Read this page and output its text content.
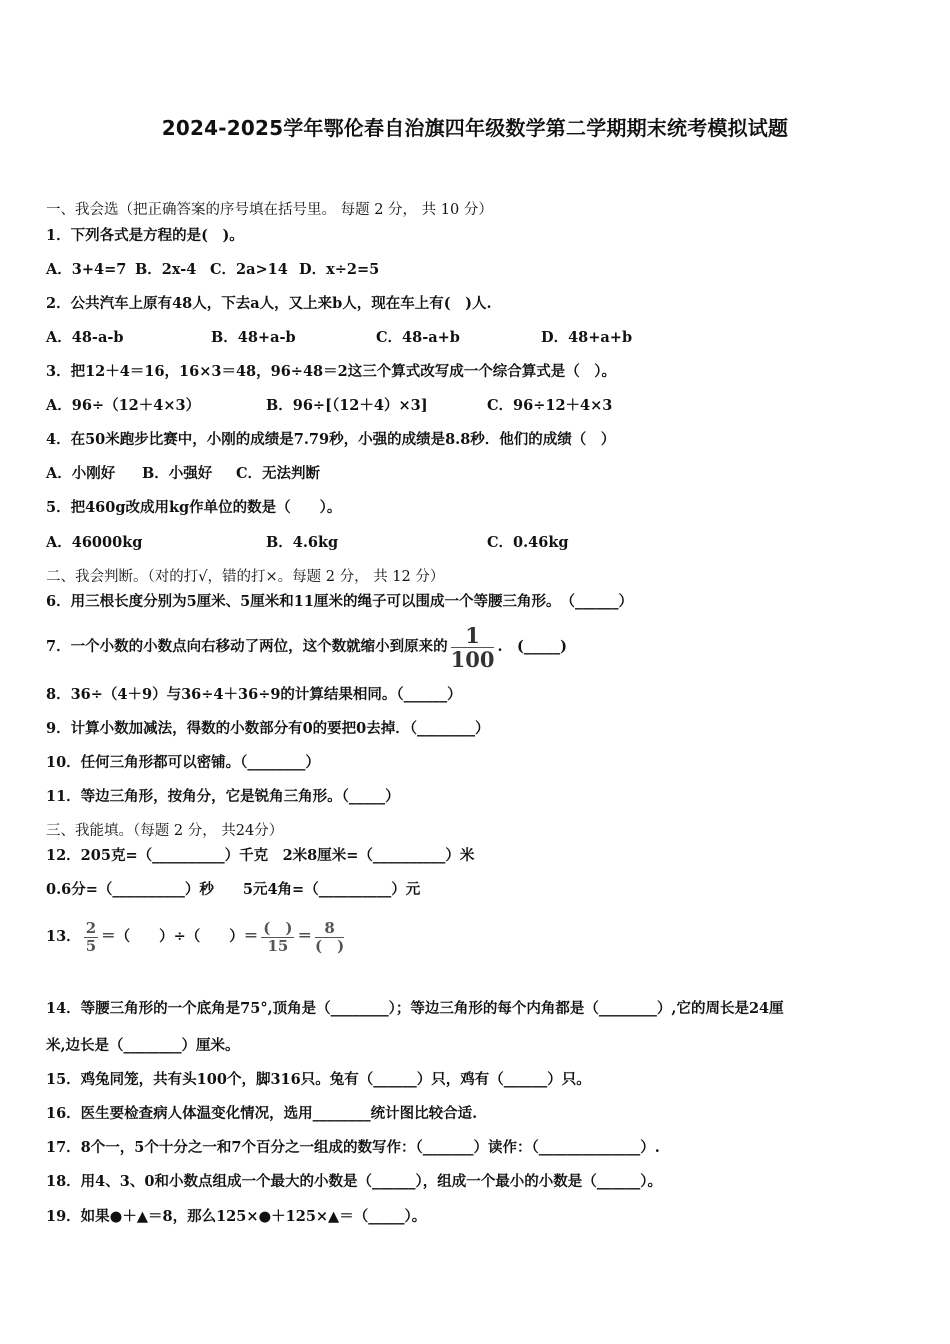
2024-2025学年鄂伦春自治旗四年级数学第二学期期末统考模拟试题
一、我会选（把正确答案的序号填在括号里。 每题 2 分， 共 10 分）
1．下列各式是方程的是(　)。
A．3+4=7 B．2x-4 C．2a>14 D．x÷2=5
2．公共汽车上原有48人，下去a人，又上来b人，现在车上有(　)人.
A．48-a-b	B．48+a-b	C．48-a+b	D．48+a+b
3．把12＋4＝16，16×3＝48，96÷48＝2这三个算式改写成一个综合算式是（　）。
A．96÷（12＋4×3）	B．96÷[（12＋4）×3]	C．96÷12＋4×3
4．在50米跑步比赛中，小刚的成绩是7.79秒，小强的成绩是8.8秒．他们的成绩（　）
A．小刚好 B．小强好 C．无法判断
5．把460g改成用kg作单位的数是（　　）。
A．46000kg	B．4.6kg	C．0.46kg
二、我会判断。（对的打√，错的打×。每题 2 分， 共 12 分）
6．用三根长度分别为5厘米、5厘米和11厘米的绳子可以围成一个等腰三角形。　（______）
7．一个小数的小数点向右移动了两位，这个数就缩小到原来的 $\frac{1}{100}$ .　(_____)
8．36÷（4＋9）与36÷4＋36÷9的计算结果相同。（______）
9．计算小数加减法，得数的小数部分有0的要把0去掉．（________）
10．任何三角形都可以密铺。（________）
11．等边三角形，按角分，它是锐角三角形。（_____）
三、我能填。（每题 2 分， 共24分）
12．205克=（__________）千克　2米8厘米=（__________）米
0.6分=（__________）秒　　5元4角=（__________）元
13． $\frac{2}{5}$ ＝（　　）÷（　　）＝ $\frac{( )}{15} = \frac{8}{( )}$
14．等腰三角形的一个底角是75°,顶角是（________）；等边三角形的每个内角都是（________）,它的周长是24厘
米,边长是（________）厘米。
15．鸡兔同笼，共有头100个，脚316只。兔有（______）只，鸡有（______）只。
16．医生要检查病人体温变化情况，选用________统计图比较合适.
17．8个一，5个十分之一和7个百分之一组成的数写作：（_______）读作：（______________）.
18．用4、3、0和小数点组成一个最大的小数是（______），组成一个最小的小数是（______）。
19．如果●＋▲＝8，那么125×●＋125×▲＝（_____）。
